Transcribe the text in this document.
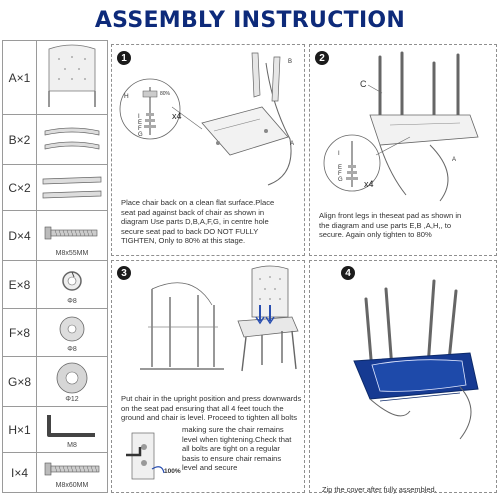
ASSEMBLY INSTRUCTION
A×1
B×2
C×2
D×4
M8x55MM
E×8
Φ8
F×8
Φ8
G×8
Φ12
H×1
M8
I×4
M8x60MM
1
H
I
E
F
G
80%
x4
B
A
Place chair back on a clean flat surface.Place
seat pad against back of chair as shown in
diagram Use parts D,B,A,F,G, in centre hole
secure seat pad to back DO NOT FULLY
TIGHTEN, Only to 80% at this stage.
2
C
A
I
E
F
G x4
Align front legs in theseat pad as shown in
the diagram and use parts E,B ,A,H,, to
secure. Again only tighten to 80%
3
Put chair in the upright position and press downwards
on the seat pad ensuring that all 4 feet touch the
ground and chair is level. Proceed to tighten all bolts
100%
making sure the chair remains
level when tightening.Check that
all bolts are tight on a regular
basis to ensure chair remains
level and secure
4
Zip the cover after fully assembled.
